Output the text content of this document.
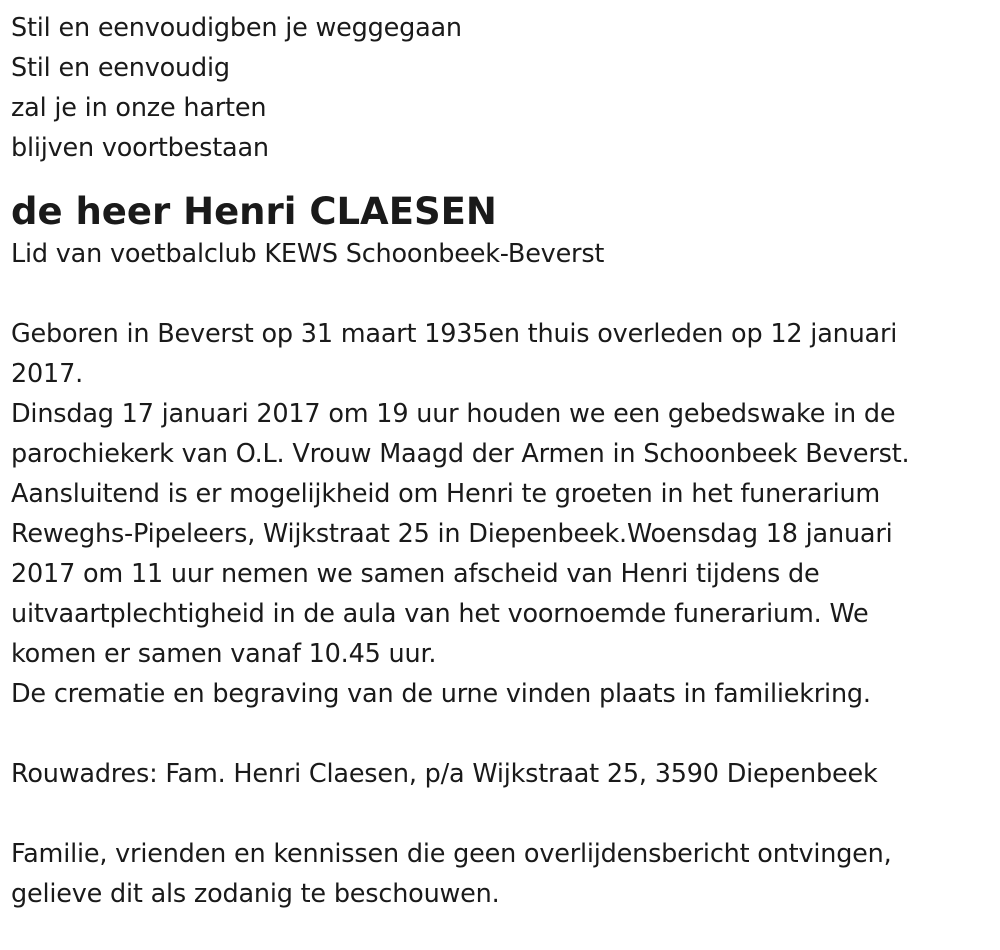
Stil en eenvoudigben je weggegaan

Stil en eenvoudig

zal je in onze harten

blijven voortbestaan

de heer Henri CLAESEN

Lid van voetbalclub KEWS Schoonbeek-Beverst

Geboren in Beverst op 31 maart 1935en thuis overleden op 12 januari

2017.

Dinsdag 17 januari 2017 om 19 uur houden we een gebedswake in de

parochiekerk van O.L. Vrouw Maagd der Armen in Schoonbeek Beverst.

Aansluitend is er mogelijkheid om Henri te groeten in het funerarium

Reweghs-Pipeleers, Wijkstraat 25 in Diepenbeek.Woensdag 18 januari

2017 om 11 uur nemen we samen afscheid van Henri tijdens de

uitvaartplechtigheid in de aula van het voornoemde funerarium. We

komen er samen vanaf 10.45 uur.

De crematie en begraving van de urne vinden plaats in familiekring.

Rouwadres: Fam. Henri Claesen, p/a Wijkstraat 25, 3590 Diepenbeek

Familie, vrienden en kennissen die geen overlijdensbericht ontvingen,

gelieve dit als zodanig te beschouwen.
